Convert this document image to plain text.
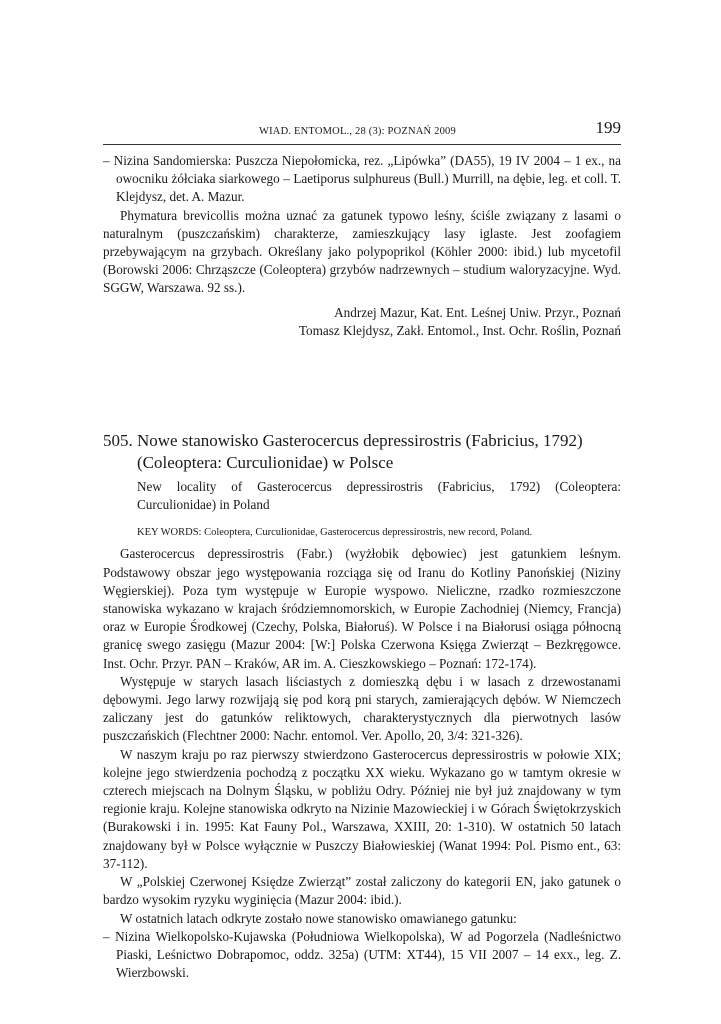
WIAD. ENTOMOL., 28 (3): POZNAŃ 2009	199

– Nizina Sandomierska: Puszcza Niepołomicka, rez. „Lipówka” (DA55), 19 IV 2004 – 1 ex., na owocniku żółciaka siarkowego – Laetiporus sulphureus (Bull.) Murrill, na dębie, leg. et coll. T. Klejdysz, det. A. Mazur.

Phymatura brevicollis można uznać za gatunek typowo leśny, ściśle związany z lasami o naturalnym (puszczańskim) charakterze, zamieszkujący lasy iglaste. Jest zoofagiem przebywającym na grzybach. Określany jako polypoprikol (Köhler 2000: ibid.) lub mycetofil (Borowski 2006: Chrząszcze (Coleoptera) grzybów nadrzewnych – studium waloryzacyjne. Wyd. SGGW, Warszawa. 92 ss.).

Andrzej Mazur, Kat. Ent. Leśnej Uniw. Przyr., Poznań

Tomasz Klejdysz, Zakł. Entomol., Inst. Ochr. Roślin, Poznań

505. Nowe stanowisko Gasterocercus depressirostris (Fabricius, 1792) (Coleoptera: Curculionidae) w Polsce

New locality of Gasterocercus depressirostris (Fabricius, 1792) (Coleoptera: Curculionidae) in Poland

KEY WORDS: Coleoptera, Curculionidae, Gasterocercus depressirostris, new record, Poland.

Gasterocercus depressirostris (Fabr.) (wyżłobik dębowiec) jest gatunkiem leśnym. Podstawowy obszar jego występowania rozciąga się od Iranu do Kotliny Panońskiej (Niziny Węgierskiej). Poza tym występuje w Europie wyspowo. Nieliczne, rzadko rozmieszczone stanowiska wykazano w krajach śródziemnomorskich, w Europie Zachodniej (Niemcy, Francja) oraz w Europie Środkowej (Czechy, Polska, Białoruś). W Polsce i na Białorusi osiąga północną granicę swego zasięgu (Mazur 2004: [W:] Polska Czerwona Księga Zwierząt – Bezkręgowce. Inst. Ochr. Przyr. PAN – Kraków, AR im. A. Cieszkowskiego – Poznań: 172-174).

Występuje w starych lasach liściastych z domieszką dębu i w lasach z drzewostanami dębowymi. Jego larwy rozwijają się pod korą pni starych, zamierających dębów. W Niemczech zaliczany jest do gatunków reliktowych, charakterystycznych dla pierwotnych lasów puszczańskich (Flechtner 2000: Nachr. entomol. Ver. Apollo, 20, 3/4: 321-326).

W naszym kraju po raz pierwszy stwierdzono Gasterocercus depressirostris w połowie XIX; kolejne jego stwierdzenia pochodzą z początku XX wieku. Wykazano go w tamtym okresie w czterech miejscach na Dolnym Śląsku, w pobliżu Odry. Później nie był już znajdowany w tym regionie kraju. Kolejne stanowiska odkryto na Nizinie Mazowieckiej i w Górach Świętokrzyskich (Burakowski i in. 1995: Kat Fauny Pol., Warszawa, XXIII, 20: 1-310). W ostatnich 50 latach znajdowany był w Polsce wyłącznie w Puszczy Białowieskiej (Wanat 1994: Pol. Pismo ent., 63: 37-112).

W „Polskiej Czerwonej Księdze Zwierząt” został zaliczony do kategorii EN, jako gatunek o bardzo wysokim ryzyku wyginięcia (Mazur 2004: ibid.).

W ostatnich latach odkryte zostało nowe stanowisko omawianego gatunku:

– Nizina Wielkopolsko-Kujawska (Południowa Wielkopolska), W ad Pogorzela (Nadleśnictwo Piaski, Leśnictwo Dobrapomoc, oddz. 325a) (UTM: XT44), 15 VII 2007 – 14 exx., leg. Z. Wierzbowski.
